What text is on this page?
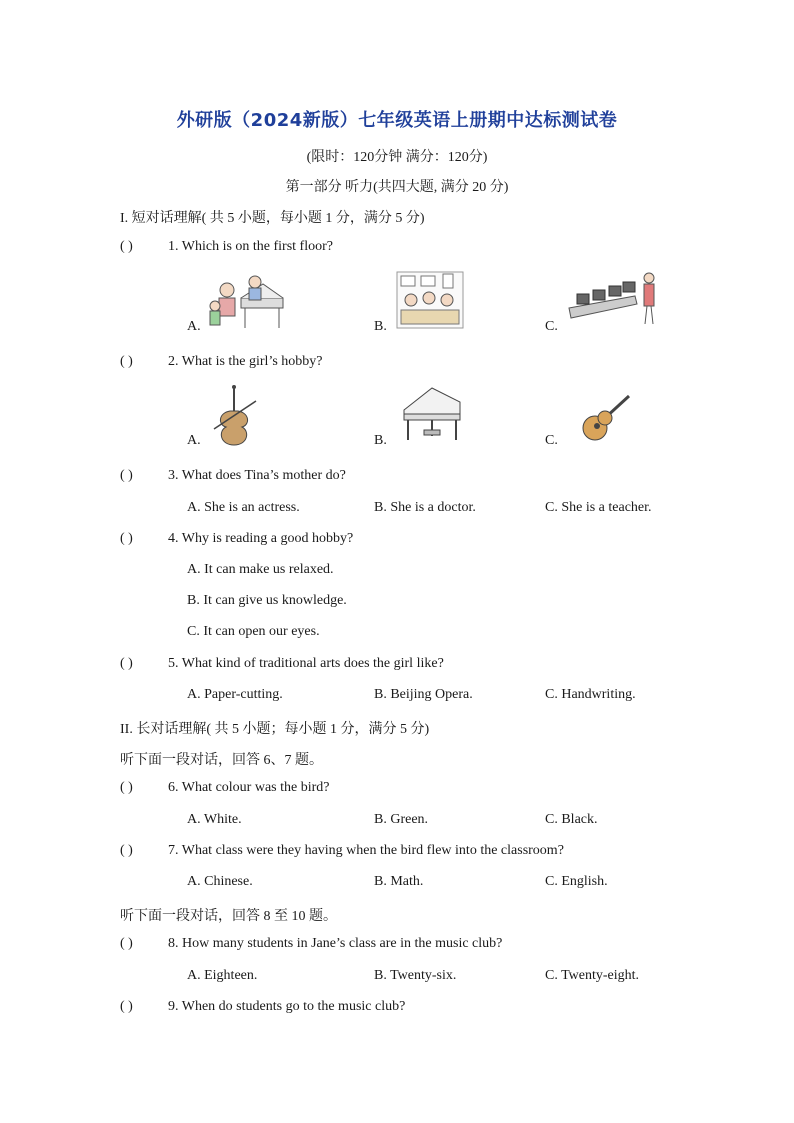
外研版（2024新版）七年级英语上册期中达标测试卷
(限时：120分钟 满分：120分)
第一部分 听力(共四大题, 满分 20 分)
I. 短对话理解( 共 5 小题，每小题 1 分，满分 5 分)
( )	1. Which is on the first floor?
A.	B.	C.
( )	2. What is the girl’s hobby?
A.	B.	C.
( )	3. What does Tina’s mother do?
A. She is an actress.	B. She is a doctor.	C. She is a teacher.
( )	4. Why is reading a good hobby?
A. It can make us relaxed.
B. It can give us knowledge.
C. It can open our eyes.
( )	5. What kind of traditional arts does the girl like?
A. Paper-cutting.	B. Beijing Opera.	C. Handwriting.
II. 长对话理解( 共 5 小题；每小题 1 分，满分 5 分)
听下面一段对话，回答 6、7 题。
( )	6. What colour was the bird?
A. White.	B. Green.	C. Black.
( )	7. What class were they having when the bird flew into the classroom?
A. Chinese.	B. Math.	C. English.
听下面一段对话，回答 8 至 10 题。
( )	8. How many students in Jane’s class are in the music club?
A. Eighteen.	B. Twenty-six.	C. Twenty-eight.
( )	9. When do students go to the music club?
